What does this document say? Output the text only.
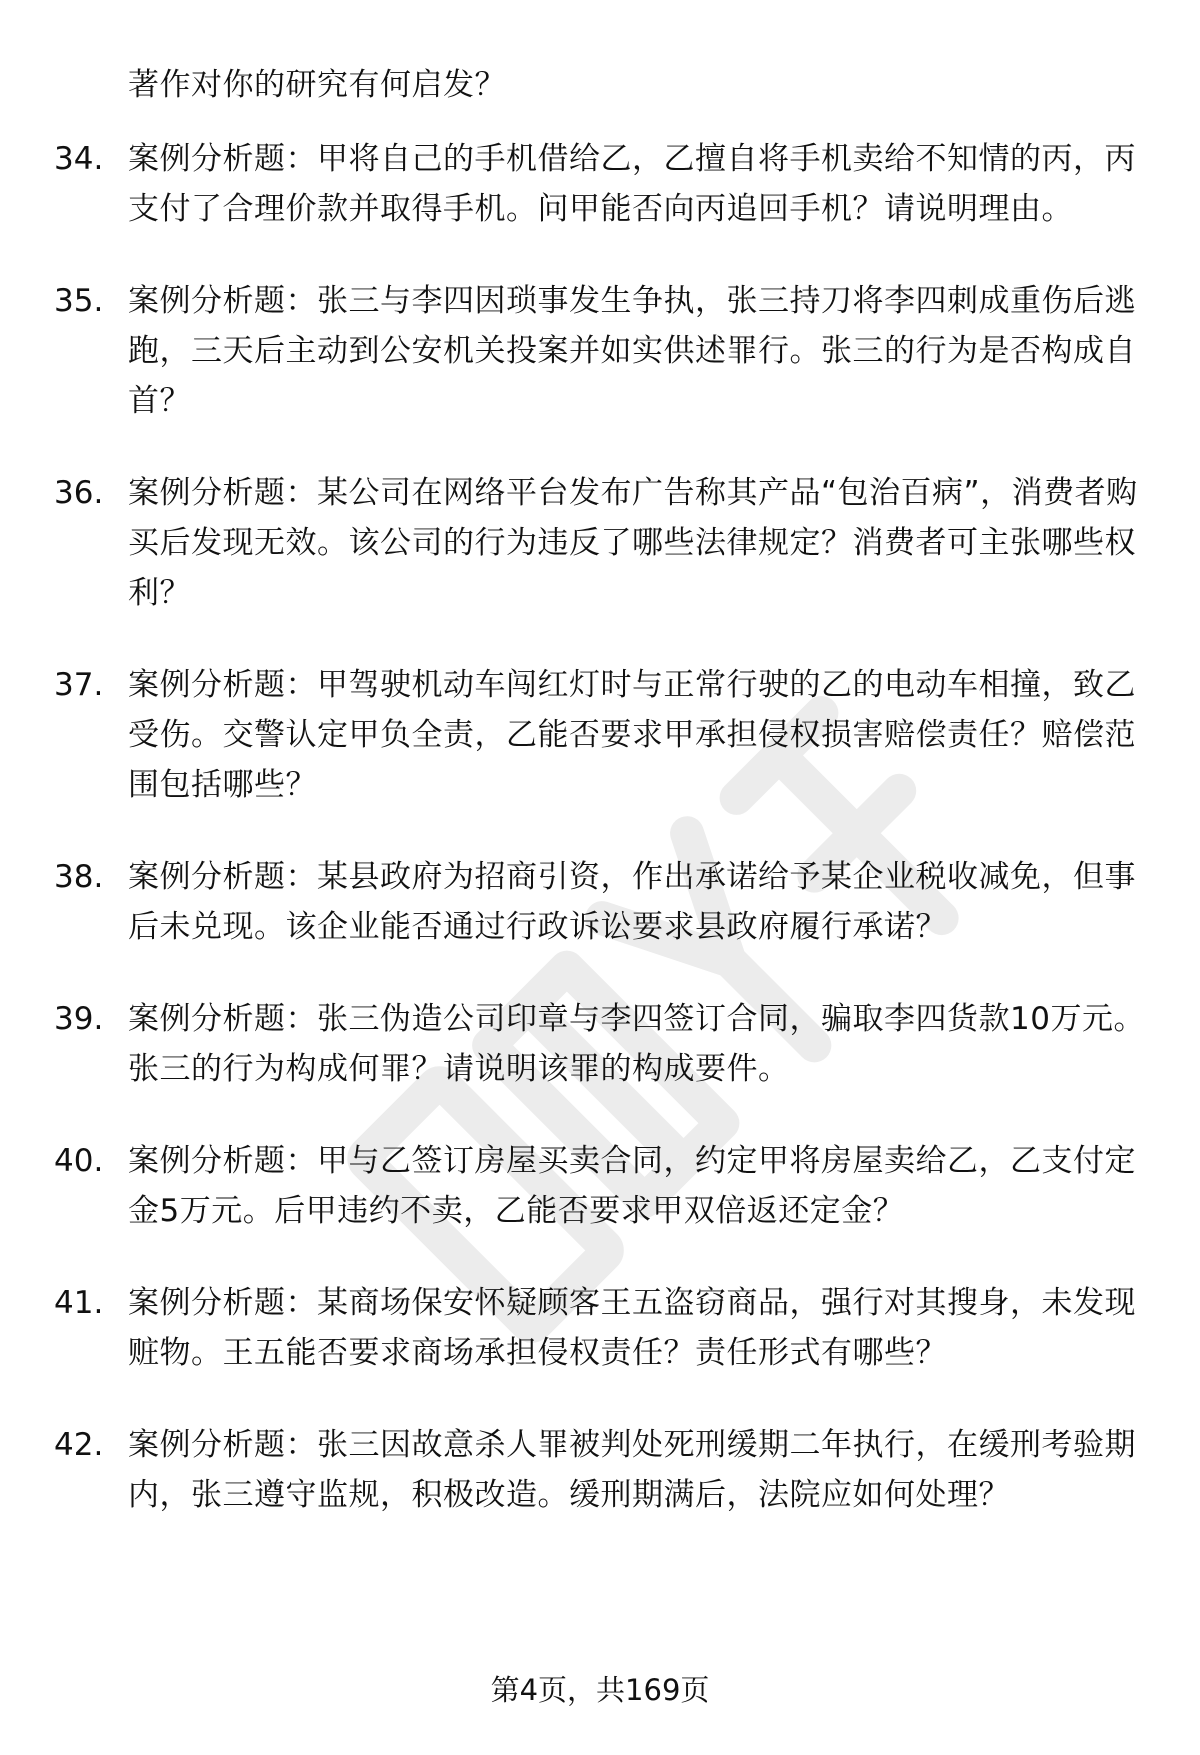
著作对你的研究有何启发？
34. 案例分析题：甲将自己的手机借给乙，乙擅自将手机卖给不知情的丙，丙支付了合理价款并取得手机。问甲能否向丙追回手机？请说明理由。
35. 案例分析题：张三与李四因琐事发生争执，张三持刀将李四刺成重伤后逃跑，三天后主动到公安机关投案并如实供述罪行。张三的行为是否构成自首？
36. 案例分析题：某公司在网络平台发布广告称其产品“包治百病”，消费者购买后发现无效。该公司的行为违反了哪些法律规定？消费者可主张哪些权利？
37. 案例分析题：甲驾驶机动车闯红灯时与正常行驶的乙的电动车相撞，致乙受伤。交警认定甲负全责，乙能否要求甲承担侵权损害赔偿责任？赔偿范围包括哪些？
38. 案例分析题：某县政府为招商引资，作出承诺给予某企业税收减免，但事后未兑现。该企业能否通过行政诉讼要求县政府履行承诺？
39. 案例分析题：张三伪造公司印章与李四签订合同，骗取李四货款10万元。张三的行为构成何罪？请说明该罪的构成要件。
40. 案例分析题：甲与乙签订房屋买卖合同，约定甲将房屋卖给乙，乙支付定金5万元。后甲违约不卖，乙能否要求甲双倍返还定金？
41. 案例分析题：某商场保安怀疑顾客王五盗窃商品，强行对其搜身，未发现赃物。王五能否要求商场承担侵权责任？责任形式有哪些？
42. 案例分析题：张三因故意杀人罪被判处死刑缓期二年执行，在缓刑考验期内，张三遵守监规，积极改造。缓刑期满后，法院应如何处理？
第4页，共169页
